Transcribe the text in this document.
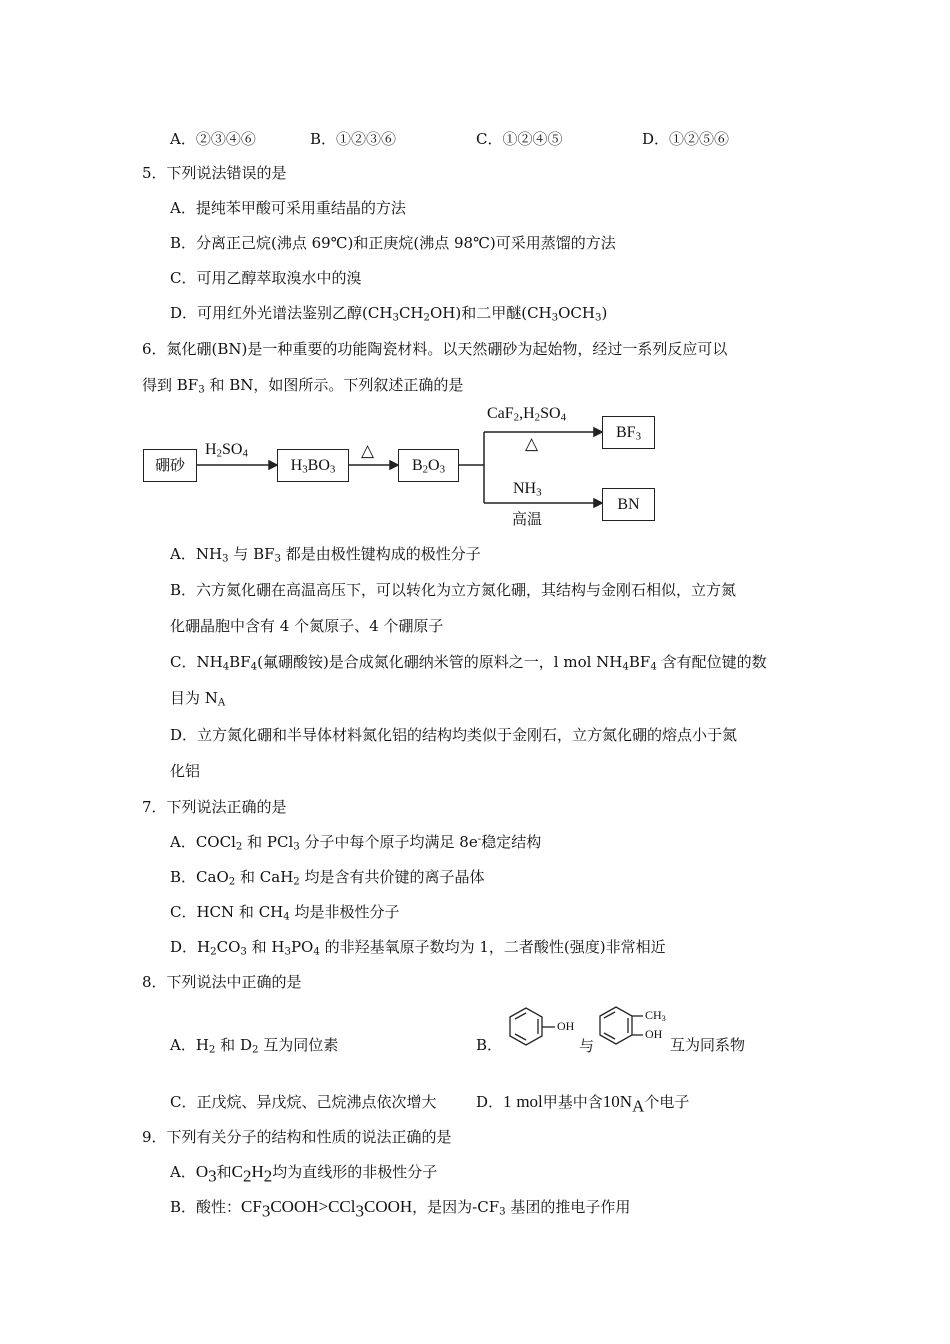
A．②③④⑥	B．①②③⑥	C．①②④⑤	D．①②⑤⑥
5．下列说法错误的是
A．提纯苯甲酸可采用重结晶的方法
B．分离正己烷(沸点 69℃)和正庚烷(沸点 98℃)可采用蒸馏的方法
C．可用乙醇萃取溴水中的溴
D．可用红外光谱法鉴别乙醇$(CH_3CH_2OH)$和二甲醚$(CH_3OCH_3)$
6．氮化硼(BN)是一种重要的功能陶瓷材料。以天然硼砂为起始物，经过一系列反应可以
得到 $BF_3$ 和 BN，如图所示。下列叙述正确的是
硼砂
$H_2SO_4$
$H_3BO_3$
△
$B_2O_3$
$CaF_2,H_2SO_4$
△
$BF_3$
$NH_3$
高温
BN
A．$NH_3$ 与 $BF_3$ 都是由极性键构成的极性分子
B．六方氮化硼在高温高压下，可以转化为立方氮化硼，其结构与金刚石相似，立方氮
化硼晶胞中含有 4 个氮原子、4 个硼原子
C．$NH_4BF_4$(氟硼酸铵)是合成氮化硼纳米管的原料之一，l mol $NH_4BF_4$ 含有配位键的数
目为 $N_A$
D．立方氮化硼和半导体材料氮化铝的结构均类似于金刚石，立方氮化硼的熔点小于氮
化铝
7．下列说法正确的是
A．COCl$_2$ 和 PCl$_3$ 分子中每个原子均满足 8e-稳定结构
B．CaO$_2$ 和 CaH$_2$ 均是含有共价键的离子晶体
C．HCN 和 $CH_4$ 均是非极性分子
D．$H_2CO_3$ 和 $H_3PO_4$ 的非羟基氧原子数均为 1，二者酸性(强度)非常相近
8．下列说法中正确的是
A．$H_2$ 和 $D_2$ 互为同位素	B．
OH
与
$CH_3$
OH
互为同系物
C．正戊烷、异戊烷、己烷沸点依次增大	D．1 mol甲基中含$10N_A$个电子
9．下列有关分子的结构和性质的说法正确的是
A．$O_3$和$C_2H_2$均为直线形的非极性分子
B．酸性：$CF_3COOH>CCl_3COOH$，是因为$-CF_3$ 基团的推电子作用
